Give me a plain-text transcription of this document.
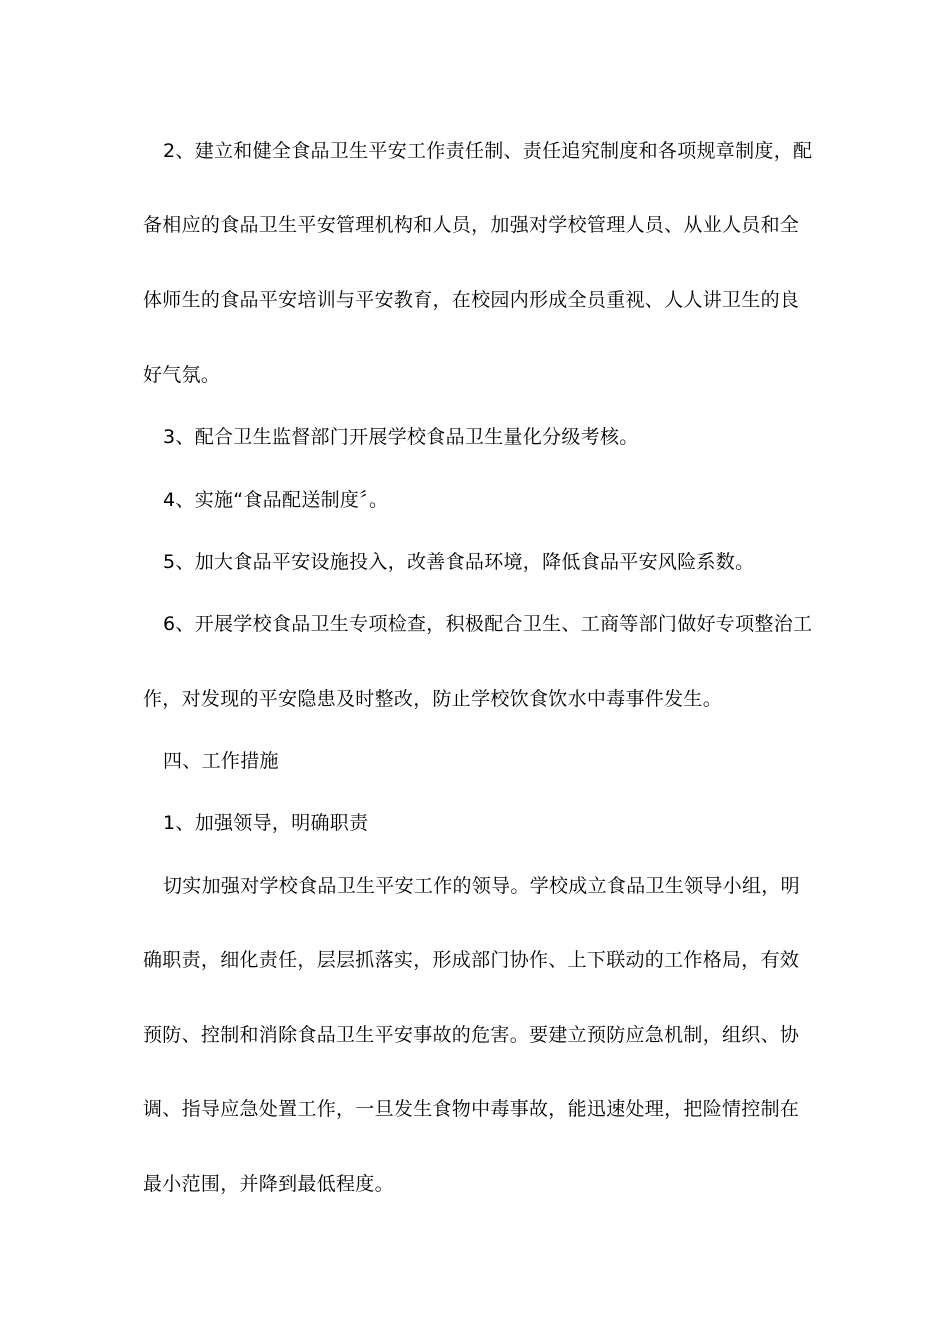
2、建立和健全食品卫生平安工作责任制、责任追究制度和各项规章制度，配
备相应的食品卫生平安管理机构和人员，加强对学校管理人员、从业人员和全
体师生的食品平安培训与平安教育，在校园内形成全员重视、人人讲卫生的良
好气氛。
3、配合卫生监督部门开展学校食品卫生量化分级考核。
4、实施“食品配送制度〞。
5、加大食品平安设施投入，改善食品环境，降低食品平安风险系数。
6、开展学校食品卫生专项检查，积极配合卫生、工商等部门做好专项整治工
作，对发现的平安隐患及时整改，防止学校饮食饮水中毒事件发生。
四、工作措施
1、加强领导，明确职责
切实加强对学校食品卫生平安工作的领导。学校成立食品卫生领导小组，明
确职责，细化责任，层层抓落实，形成部门协作、上下联动的工作格局，有效
预防、控制和消除食品卫生平安事故的危害。要建立预防应急机制，组织、协
调、指导应急处置工作，一旦发生食物中毒事故，能迅速处理，把险情控制在
最小范围，并降到最低程度。
